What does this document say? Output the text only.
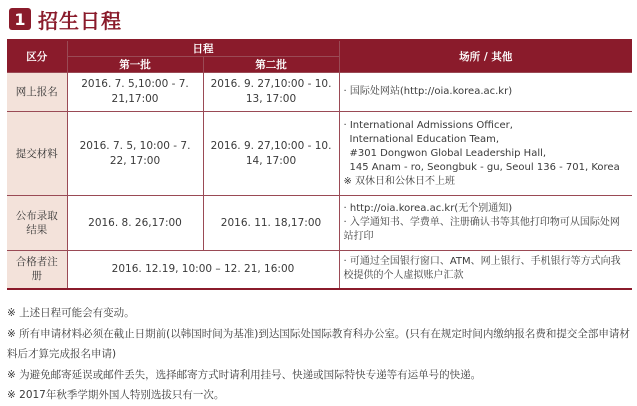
1 招生日程
区分	日程		场所 / 其他
	第一批	第二批	
网上报名	2016. 7. 5,10:00 - 7. 21,17:00	2016. 9. 27,10:00 - 10. 13, 17:00	· 国际处网站(http://oia.korea.ac.kr)

提交材料	2016. 7. 5, 10:00 - 7. 22, 17:00	2016. 9. 27,10:00 - 10. 14, 17:00	· International Admissions Officer,
International Education Team,
#301 Dongwon Global Leadership Hall,
145 Anam - ro, Seongbuk - gu, Seoul 136 - 701, Korea
※ 双休日和公休日不上班

公布录取结果	2016. 8. 26,17:00	2016. 11. 18,17:00	· http://oia.korea.ac.kr(无个别通知)
· 入学通知书、学费单、注册确认书等其他打印物可从国际处网站打印

合格者注册	2016. 12.19, 10:00 – 12. 21, 16:00		· 可通过全国银行窗口、ATM、网上银行、手机银行等方式向我校提供的个人虚拟账户汇款
※ 上述日程可能会有变动。
※ 所有申请材料必须在截止日期前(以韩国时间为基准)到达国际处国际教育科办公室。(只有在规定时间内缴纳报名费和提交全部申请材料后才算完成报名申请)
※ 为避免邮寄延误或邮件丢失，选择邮寄方式时请利用挂号、快递或国际特快专递等有运单号的快递。
※ 2017年秋季学期外国人特别选拔只有一次。
